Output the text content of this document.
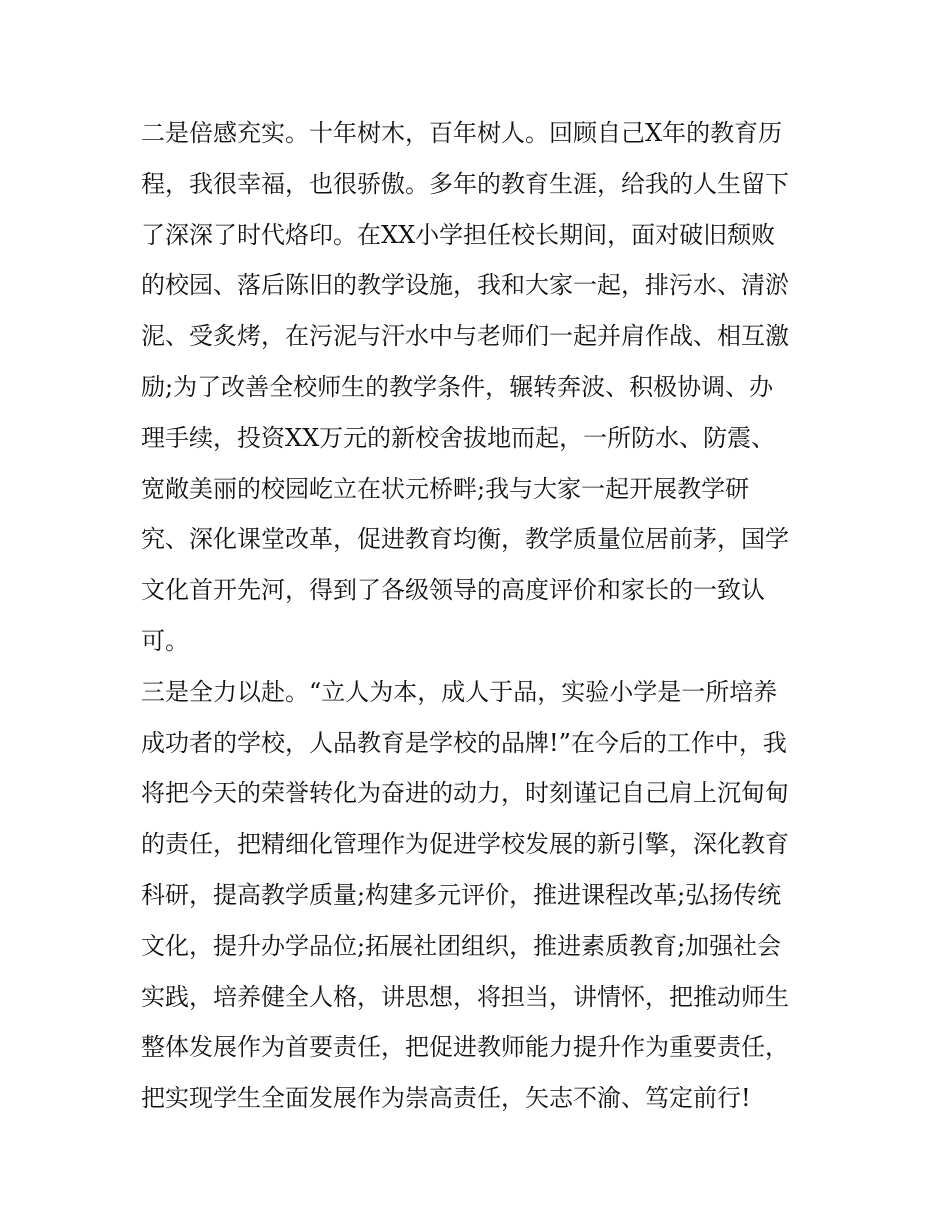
二是倍感充实。十年树木，百年树人。回顾自己X年的教育历
程，我很幸福，也很骄傲。多年的教育生涯，给我的人生留下
了深深了时代烙印。在XX小学担任校长期间，面对破旧颓败
的校园、落后陈旧的教学设施，我和大家一起，排污水、清淤
泥、受炙烤，在污泥与汗水中与老师们一起并肩作战、相互激
励;为了改善全校师生的教学条件，辗转奔波、积极协调、办
理手续，投资XX万元的新校舍拔地而起，一所防水、防震、
宽敞美丽的校园屹立在状元桥畔;我与大家一起开展教学研
究、深化课堂改革，促进教育均衡，教学质量位居前茅，国学
文化首开先河，得到了各级领导的高度评价和家长的一致认
可。
三是全力以赴。“立人为本，成人于品，实验小学是一所培养
成功者的学校，人品教育是学校的品牌!”在今后的工作中，我
将把今天的荣誉转化为奋进的动力，时刻谨记自己肩上沉甸甸
的责任，把精细化管理作为促进学校发展的新引擎，深化教育
科研，提高教学质量;构建多元评价，推进课程改革;弘扬传统
文化，提升办学品位;拓展社团组织，推进素质教育;加强社会
实践，培养健全人格，讲思想，将担当，讲情怀，把推动师生
整体发展作为首要责任，把促进教师能力提升作为重要责任，
把实现学生全面发展作为崇高责任，矢志不渝、笃定前行!
